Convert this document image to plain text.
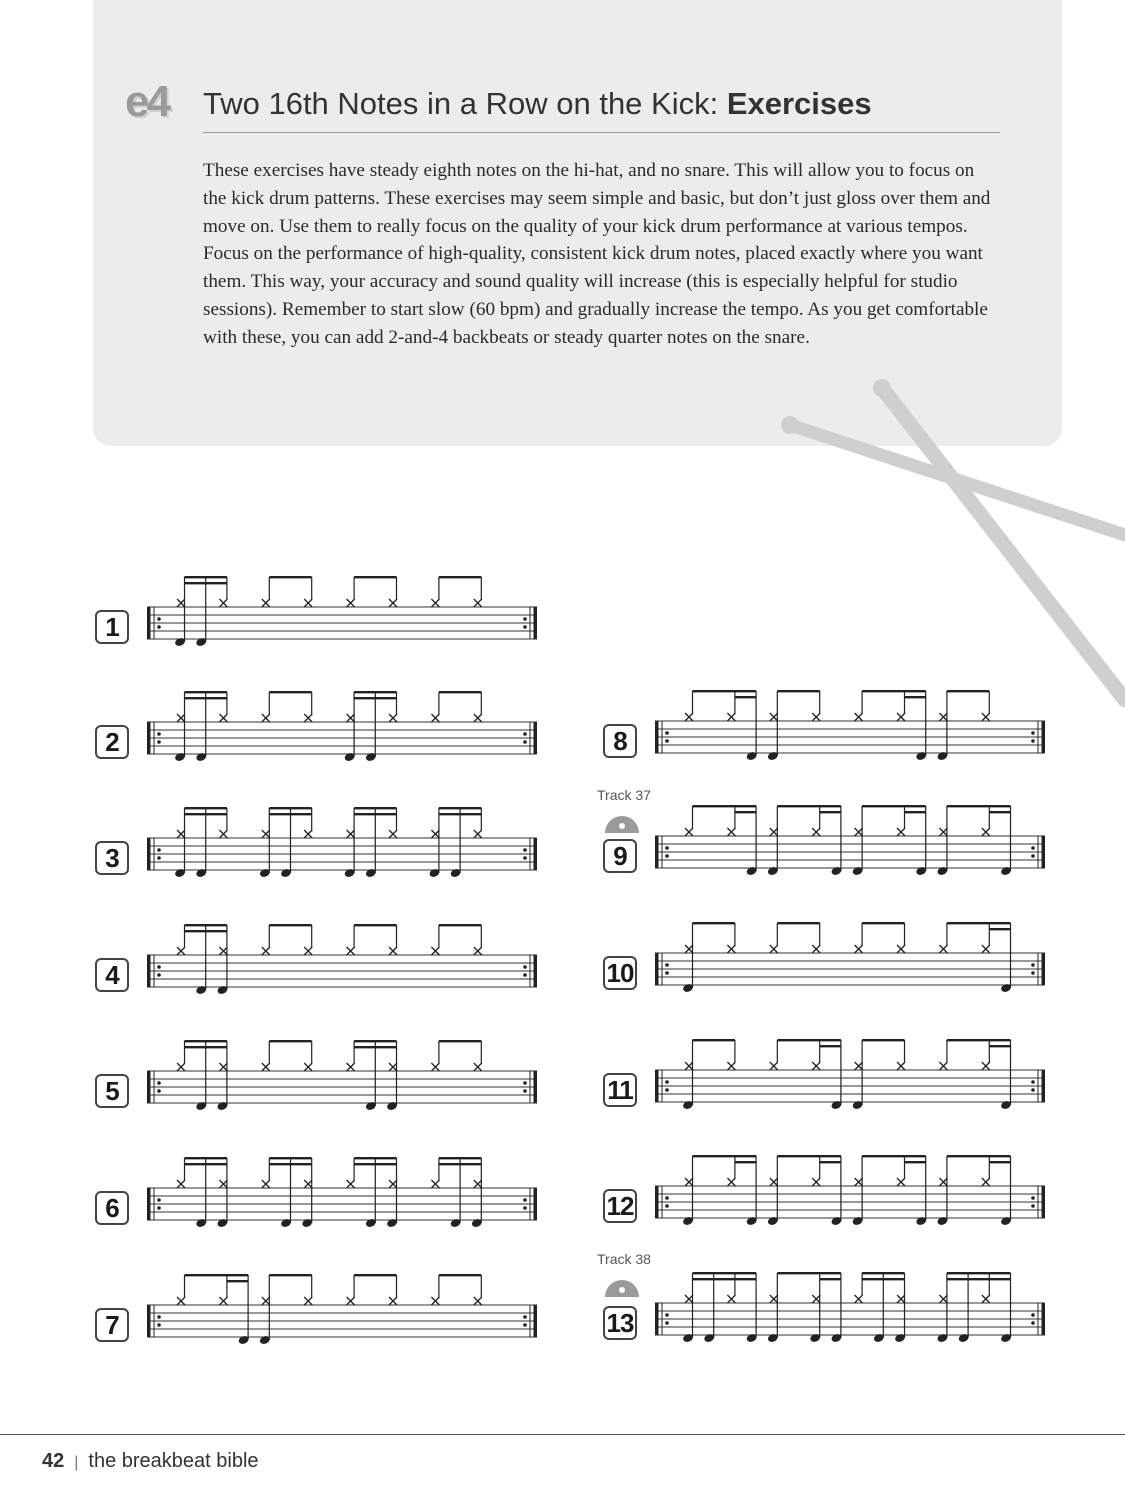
e4	Two 16th Notes in a Row on the Kick: Exercises

These exercises have steady eighth notes on the hi-hat, and no snare. This will allow you to focus on the kick drum patterns. These exercises may seem simple and basic, but don’t just gloss over them and move on. Use them to really focus on the quality of your kick drum performance at various tempos. Focus on the performance of high-quality, consistent kick drum notes, placed exactly where you want them. This way, your accuracy and sound quality will increase (this is especially helpful for studio sessions). Remember to start slow (60 bpm) and gradually increase the tempo. As you get comfortable with these, you can add 2-and-4 backbeats or steady quarter notes on the snare.

1
2
3
4
5
6
7
8
9
10
11
12
13
Track 37
Track 38
42 | the breakbeat bible
